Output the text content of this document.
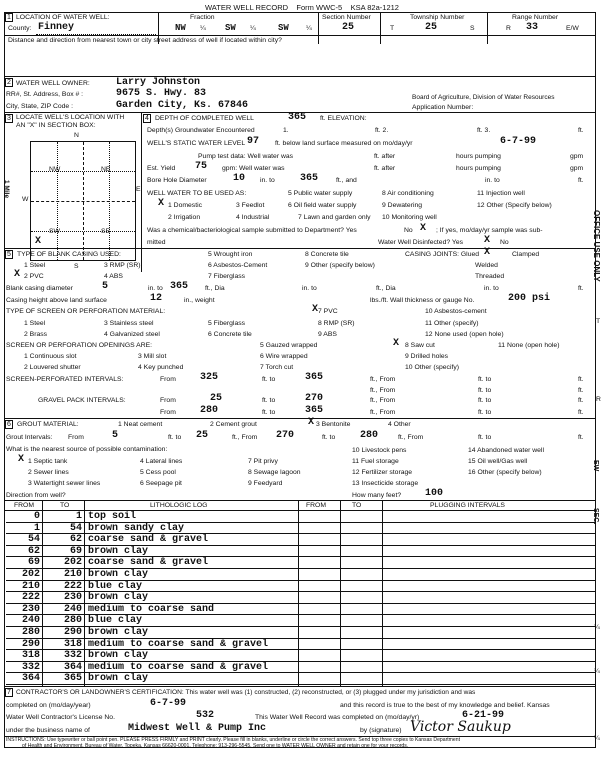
WATER WELL RECORD Form WWC-5 KSA 82a-1212
1 LOCATION OF WATER WELL:	Fraction	Section Number	Township Number	Range Number
County: Finney	NW ¼ SW ¼ SW	¼	25	T	25	S	R 33	E/W
Distance and direction from nearest town or city street address of well if located within city?
2 WATER WELL OWNER:	Larry Johnston
RR#, St. Address, Box # :	9675 S. Hwy. 83
City, State, ZIP Code :	Garden City, Ks. 67846
Board of Agriculture, Division of Water Resources
Application Number:
3 LOCATE WELL'S LOCATION WITH
AN "X" IN SECTION BOX:
N
S
W
E
1 Mile
NW	NE
SW	SE
X
4 DEPTH OF COMPLETED WELL	365 ft. ELEVATION:
Depth(s) Groundwater Encountered	1.	ft. 2.	ft. 3.	ft.
WELL'S STATIC WATER LEVEL 97 ft. below land surface measured on mo/day/yr	6-7-99
Pump test data: Well water was	ft. after	hours pumping	gpm
Est. Yield 75 gpm: Well water was	ft. after	hours pumping	gpm
Bore Hole Diameter	10 in. to	365	ft., and	in. to	ft.
WELL WATER TO BE USED AS:
1 Domestic
X
2 Irrigation
3 Feedlot
4 Industrial
5 Public water supply
6 Oil field water supply
7 Lawn and garden only
8 Air conditioning
9 Dewatering
10 Monitoring well
11 Injection well
12 Other (Specify below)
Was a chemical/bacteriological sample submitted to Department? Yes	No X ; If yes, mo/day/yr sample was sub-
mitted	Water Well Disinfected? Yes X No
5 TYPE OF BLANK CASING USED:
1 Steel
2 PVC
X
3 RMP (SR)
4 ABS
5 Wrought iron
6 Asbestos-Cement
7 Fiberglass
8 Concrete tile
9 Other (specify below)
CASING JOINTS: Glued X	Clamped
Welded
Threaded
Blank casing diameter	5	in. to 365 ft., Dia	in. to	ft., Dia	in. to	ft.
Casing height above land surface	12	in., weight	lbs./ft. Wall thickness or gauge No.	200 psi
TYPE OF SCREEN OR PERFORATION MATERIAL:
1 Steel
2 Brass
3 Stainless steel
4 Galvanized steel
5 Fiberglass
6 Concrete tile
7 PVC
X
8 RMP (SR)
9 ABS
10 Asbestos-cement
11 Other (specify)
12 None used (open hole)
SCREEN OR PERFORATION OPENINGS ARE:
1 Continuous slot
2 Louvered shutter
3 Mill slot
4 Key punched
5 Gauzed wrapped
6 Wire wrapped
7 Torch cut
8 Saw cut
X
9 Drilled holes
10 Other (specify)
11 None (open hole)
SCREEN-PERFORATED INTERVALS:	From 325	ft. to	365	ft., From	ft. to	ft.
ft., From	ft. to	ft.
GRAVEL PACK INTERVALS:	From	25	ft. to	270	ft., From	ft. to	ft.
From 280	ft. to	365	ft., From	ft. to	ft.
6 GROUT MATERIAL:	1 Neat cement	2 Cement grout	3 Bentonite
X	4 Other
Grout Intervals: From	5	ft. to 25	ft., From 270	ft. to 280	ft., From	ft. to	ft.
What is the nearest source of possible contamination:
1 Septic tank
X
2 Sewer lines
3 Watertight sewer lines
4 Lateral lines
5 Cess pool
6 Seepage pit
7 Pit privy
8 Sewage lagoon
9 Feedyard
10 Livestock pens
11 Fuel storage
12 Fertilizer storage
13 Insecticide storage
14 Abandoned water well
15 Oil well/Gas well
16 Other (specify below)
Direction from well?	How many feet? 100
FROM	TO	LITHOLOGIC LOG	FROM	TO	PLUGGING INTERVALS
0	1 top soil
1	54 brown sandy clay
54	62 coarse sand & gravel
62	69 brown clay
69	202 coarse sand & gravel
202	210 brown clay
210	222 blue clay
222	230 brown clay
230	240 medium to coarse sand
240	280 blue clay
280	290 brown clay
290	318 medium to coarse sand & gravel
318	332 brown clay
332	364 medium to coarse sand & gravel
364	365 brown clay
7 CONTRACTOR'S OR LANDOWNER'S CERTIFICATION: This water well was (1) constructed, (2) reconstructed, or (3) plugged under my jurisdiction and was
completed on (mo/day/year)	6-7-99	and this record is true to the best of my knowledge and belief. Kansas
Water Well Contractor's License No.	532	This Water Well Record was completed on (mo/day/yr)	6-21-99
under the business name of	Midwest Well & Pump Inc	by (signature) Victor Saukup
INSTRUCTIONS: Use typewriter or ball point pen. PLEASE PRESS FIRMLY and PRINT clearly. Please fill in blanks, underline or circle the correct answers. Send top three copies to Kansas Department
of Health and Environment, Bureau of Water, Topeka, Kansas 66620-0001. Telephone: 913-296-5545. Send one to WATER WELL OWNER and retain one for your records.
OFFICE USE ONLY
T
R
EW
SEC.
¼
¼
¼
